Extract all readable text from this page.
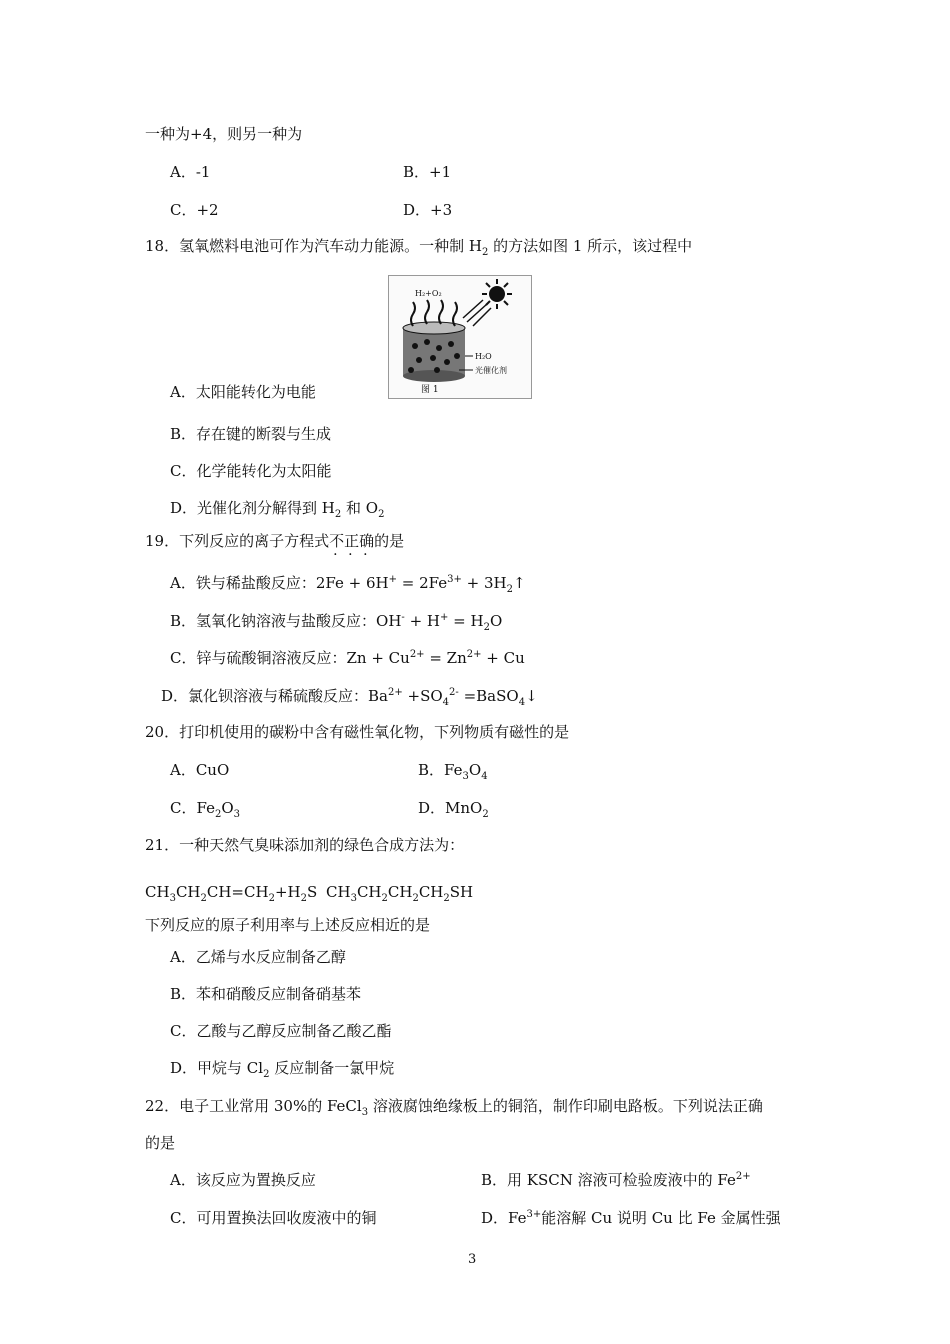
一种为+4，则另一种为
A．-1	B．+1
C．+2	D．+3
18．氢氧燃料电池可作为汽车动力能源。一种制 $H_2$ 的方法如图 1 所示，该过程中
H₂+O₂
H₂O
光催化剂
图 1
A．太阳能转化为电能
B．存在键的断裂与生成
C．化学能转化为太阳能
D．光催化剂分解得到 $H_2$ 和 $O_2$
19．下列反应的离子方程式不正确的是
A．铁与稀盐酸反应：$2Fe + 6H^+ = 2Fe^{3+}$ + $3H_2↑$
B．氢氧化钠溶液与盐酸反应：$OH^- + H^+ = H_2O$
C．锌与硫酸铜溶液反应：$Zn + Cu^{2+} = Zn^{2+} + Cu$
D．氯化钡溶液与稀硫酸反应：$Ba^{2+} +SO_4^{2-}$ =BaSO$_4$↓
20．打印机使用的碳粉中含有磁性氧化物，下列物质有磁性的是
A．CuO	B．$Fe_3O_4$
C．$Fe_2O_3$	D．MnO$_2$
21．一种天然气臭味添加剂的绿色合成方法为：
$CH_3CH_2CH=CH_2+H_2S$ $CH_3CH_2CH_2CH_2SH$
下列反应的原子利用率与上述反应相近的是
A．乙烯与水反应制备乙醇
B．苯和硝酸反应制备硝基苯
C．乙酸与乙醇反应制备乙酸乙酯
D．甲烷与 $Cl_2$ 反应制备一氯甲烷
22．电子工业常用 30%的 FeCl$_3$ 溶液腐蚀绝缘板上的铜箔，制作印刷电路板。下列说法正确
的是
A．该反应为置换反应	B．用 KSCN 溶液可检验废液中的 $Fe^{2+}$
C．可用置换法回收废液中的铜	D．$Fe^{3+}$能溶解 Cu 说明 Cu 比 Fe 金属性强
3
